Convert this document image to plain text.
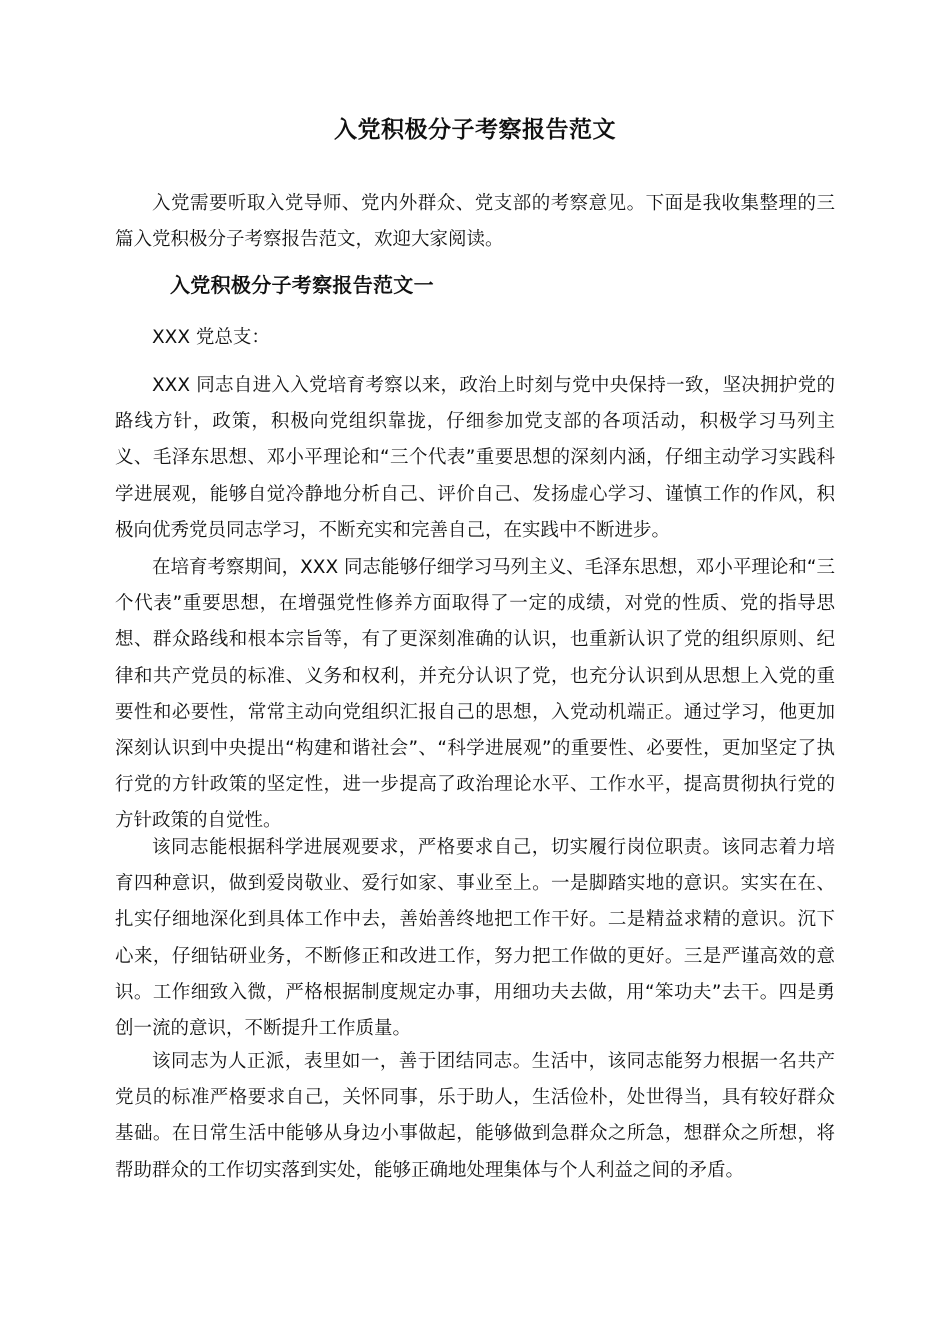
入党积极分子考察报告范文

入党需要听取入党导师、党内外群众、党支部的考察意见。下面是我收集整理的三篇入党积极分子考察报告范文，欢迎大家阅读。

入党积极分子考察报告范文一

XXX 党总支：

XXX 同志自进入入党培育考察以来，政治上时刻与党中央保持一致，坚决拥护党的路线方针，政策，积极向党组织靠拢，仔细参加党支部的各项活动，积极学习马列主义、毛泽东思想、邓小平理论和“三个代表”重要思想的深刻内涵，仔细主动学习实践科学进展观，能够自觉冷静地分析自己、评价自己、发扬虚心学习、谨慎工作的作风，积极向优秀党员同志学习，不断充实和完善自己，在实践中不断进步。

在培育考察期间，XXX 同志能够仔细学习马列主义、毛泽东思想，邓小平理论和“三个代表”重要思想，在增强党性修养方面取得了一定的成绩，对党的性质、党的指导思想、群众路线和根本宗旨等，有了更深刻准确的认识，也重新认识了党的组织原则、纪律和共产党员的标准、义务和权利，并充分认识了党，也充分认识到从思想上入党的重要性和必要性，常常主动向党组织汇报自己的思想，入党动机端正。通过学习，他更加深刻认识到中央提出“构建和谐社会”、“科学进展观”的重要性、必要性，更加坚定了执行党的方针政策的坚定性，进一步提高了政治理论水平、工作水平，提高贯彻执行党的方针政策的自觉性。

该同志能根据科学进展观要求，严格要求自己，切实履行岗位职责。该同志着力培育四种意识，做到爱岗敬业、爱行如家、事业至上。一是脚踏实地的意识。实实在在、扎实仔细地深化到具体工作中去，善始善终地把工作干好。二是精益求精的意识。沉下心来，仔细钻研业务，不断修正和改进工作，努力把工作做的更好。三是严谨高效的意识。工作细致入微，严格根据制度规定办事，用细功夫去做，用“笨功夫”去干。四是勇创一流的意识，不断提升工作质量。

该同志为人正派，表里如一，善于团结同志。生活中，该同志能努力根据一名共产党员的标准严格要求自己，关怀同事，乐于助人，生活俭朴，处世得当，具有较好群众基础。在日常生活中能够从身边小事做起，能够做到急群众之所急，想群众之所想，将帮助群众的工作切实落到实处，能够正确地处理集体与个人利益之间的矛盾。
